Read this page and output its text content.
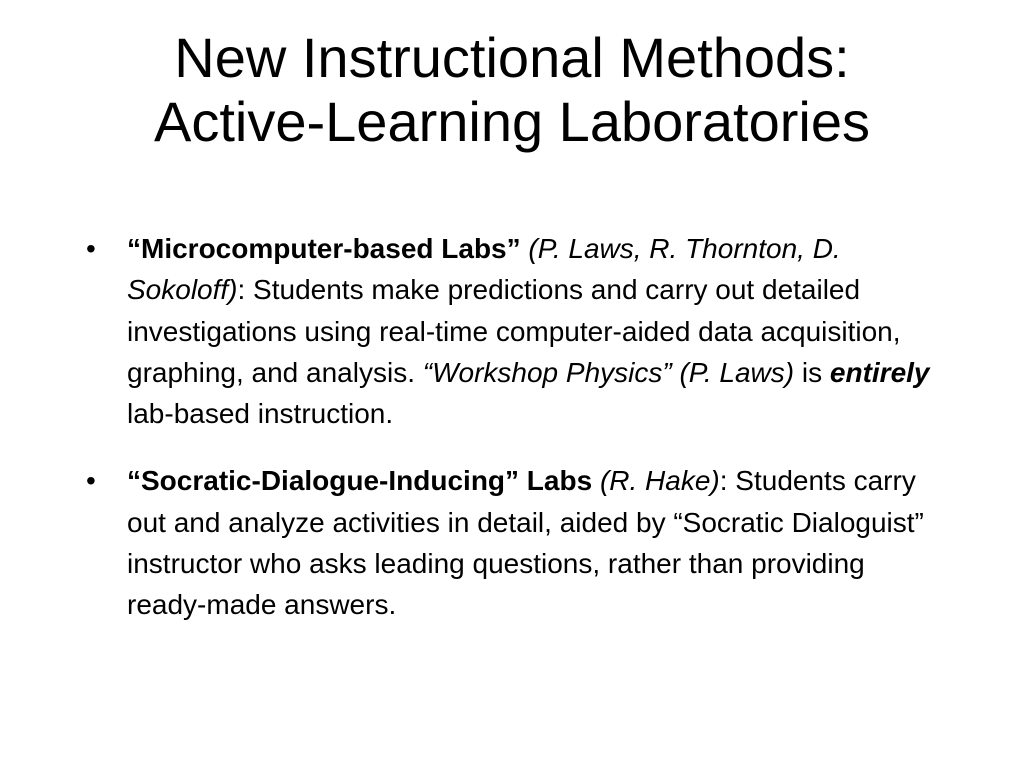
New Instructional Methods:
Active-Learning Laboratories
•	“Microcomputer-based Labs” (P. Laws, R. Thornton, D. Sokoloff): Students make predictions and carry out detailed investigations using real-time computer-aided data acquisition, graphing, and analysis. “Workshop Physics” (P. Laws) is entirely lab-based instruction.
•	“Socratic-Dialogue-Inducing” Labs (R. Hake): Students carry out and analyze activities in detail, aided by “Socratic Dialoguist” instructor who asks leading questions, rather than providing ready-made answers.
